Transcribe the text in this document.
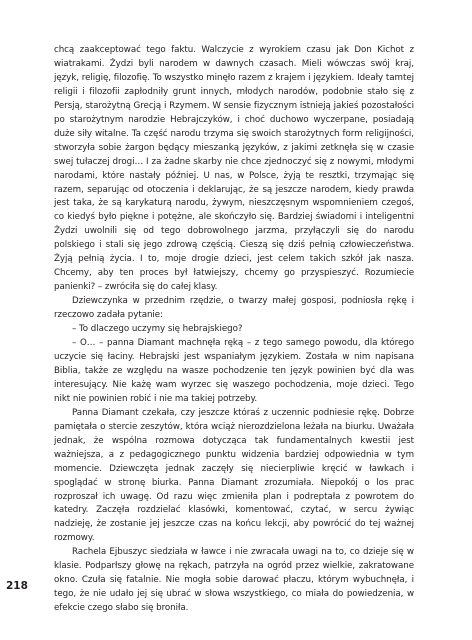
chcą zaakceptować tego faktu. Walczycie z wyrokiem czasu jak Don Kichot z wiatrakami. Żydzi byli narodem w dawnych czasach. Mieli wówczas swój kraj, język, religię, filozofię. To wszystko minęło razem z krajem i językiem. Ideały tamtej religii i filozofii zapłodniły grunt innych, młodych narodów, podobnie stało się z Persją, starożytną Grecją i Rzymem. W sensie fizycznym istnieją jakieś pozostałości po starożytnym narodzie Hebrajczyków, i choć duchowo wyczerpane, posiadają duże siły witalne. Ta część narodu trzyma się swoich starożytnych form religijności, stworzyła sobie żargon będący mieszanką języków, z jakimi zetknęła się w czasie swej tułaczej drogi… I za żadne skarby nie chce zjednoczyć się z nowymi, młodymi narodami, które nastały później. U nas, w Polsce, żyją te resztki, trzymając się razem, separując od otoczenia i deklarując, że są jeszcze narodem, kiedy prawda jest taka, że są karykaturą narodu, żywym, nieszczęsnym wspomnieniem czegoś, co kiedyś było piękne i potężne, ale skończyło się. Bardziej świadomi i inteligentni Żydzi uwolnili się od tego dobrowolnego jarzma, przyłączyli się do narodu polskiego i stali się jego zdrową częścią. Cieszą się dziś pełnią człowieczeństwa. Żyją pełnią życia. I to, moje drogie dzieci, jest celem takich szkół jak nasza. Chcemy, aby ten proces był łatwiejszy, chcemy go przyspieszyć. Rozumiecie panienki? – zwróciła się do całej klasy.

Dziewczynka w przednim rzędzie, o twarzy małej gosposi, podniosła rękę i rzeczowo zadała pytanie:

– To dlaczego uczymy się hebrajskiego?

– O… – panna Diamant machnęła ręką – z tego samego powodu, dla którego uczycie się łaciny. Hebrajski jest wspaniałym językiem. Została w nim napisana Biblia, także ze względu na wasze pochodzenie ten język powinien być dla was interesujący. Nie każę wam wyrzec się waszego pochodzenia, moje dzieci. Tego nikt nie powinien robić i nie ma takiej potrzeby.

Panna Diamant czekała, czy jeszcze któraś z uczennic podniesie rękę. Dobrze pamiętała o stercie zeszytów, która wciąż nierozdzielona leżała na biurku. Uważała jednak, że wspólna rozmowa dotycząca tak fundamentalnych kwestii jest ważniejsza, a z pedagogicznego punktu widzenia bardziej odpowiednia w tym momencie. Dziewczęta jednak zaczęły się niecierpliwie kręcić w ławkach i spoglądać w stronę biurka. Panna Diamant zrozumiała. Niepokój o los prac rozproszał ich uwagę. Od razu więc zmieniła plan i podreptała z powrotem do katedry. Zaczęła rozdzielać klasówki, komentować, czytać, w sercu żywiąc nadzieję, że zostanie jej jeszcze czas na końcu lekcji, aby powrócić do tej ważnej rozmowy.

Rachela Ejbuszyc siedziała w ławce i nie zwracała uwagi na to, co dzieje się w klasie. Podparłszy głowę na rękach, patrzyła na ogród przez wielkie, zakratowane okno. Czuła się fatalnie. Nie mogła sobie darować płaczu, którym wybuchnęła, i tego, że nie udało jej się ubrać w słowa wszystkiego, co miała do powiedzenia, w efekcie czego słabo się broniła.

218
